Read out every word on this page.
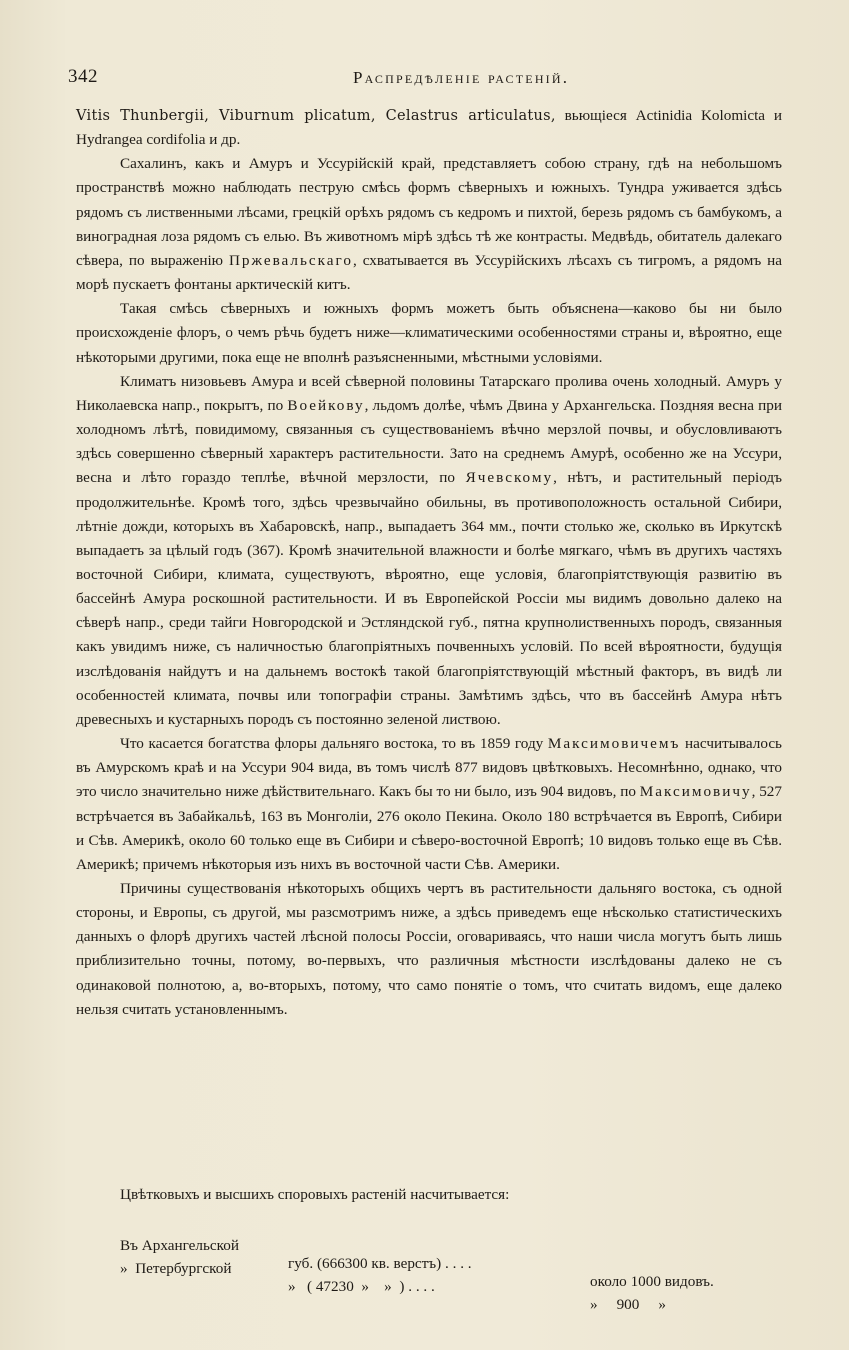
342	Распредѣленіе растеній.

Vitis Thunbergii, Viburnum plicatum, Celastrus articulatus, вьющіеся Actinidia Kolomicta и Hydrangea cordifolia и др.

Сахалинъ, какъ и Амуръ и Уссурійскій край, представляетъ собою страну, гдѣ на небольшомъ пространствѣ можно наблюдать пеструю смѣсь формъ сѣверныхъ и южныхъ. Тундра уживается здѣсь рядомъ съ лиственными лѣсами, грецкій орѣхъ рядомъ съ кедромъ и пихтой, березь рядомъ съ бамбукомъ, а виноградная лоза рядомъ съ елью. Въ животномъ мірѣ здѣсь тѣ же контрасты. Медвѣдь, обитатель далекаго сѣвера, по выраженію Пржевальскаго, схватывается въ Уссурійскихъ лѣсахъ съ тигромъ, а рядомъ на морѣ пускаетъ фонтаны арктическій китъ.

Такая смѣсь сѣверныхъ и южныхъ формъ можетъ быть объяснена—каково бы ни было происхожденіе флоръ, о чемъ рѣчь будетъ ниже—климатическими особенностями страны и, вѣроятно, еще нѣкоторыми другими, пока еще не вполнѣ разъясненными, мѣстными условіями.

Климатъ низовьевъ Амура и всей сѣверной половины Татарскаго пролива очень холодный. Амуръ у Николаевска напр., покрытъ, по Воейкову, льдомъ долѣе, чѣмъ Двина у Архангельска. Поздняя весна при холодномъ лѣтѣ, повидимому, связанныя съ существованіемъ вѣчно мерзлой почвы, и обусловливаютъ здѣсь совершенно сѣверный характеръ растительности. Зато на среднемъ Амурѣ, особенно же на Уссури, весна и лѣто гораздо теплѣе, вѣчной мерзлости, по Ячевскому, нѣтъ, и растительный періодъ продолжительнѣе. Кромѣ того, здѣсь чрезвычайно обильны, въ противоположность остальной Сибири, лѣтніе дожди, которыхъ въ Хабаровскѣ, напр., выпадаетъ 364 мм., почти столько же, сколько въ Иркутскѣ выпадаетъ за цѣлый годъ (367). Кромѣ значительной влажности и болѣе мягкаго, чѣмъ въ другихъ частяхъ восточной Сибири, климата, существуютъ, вѣроятно, еще условія, благопріятствующія развитію въ бассейнѣ Амура роскошной растительности. И въ Европейской Россіи мы видимъ довольно далеко на сѣверѣ напр., среди тайги Новгородской и Эстляндской губ., пятна крупнолиственныхъ породъ, связанныя какъ увидимъ ниже, съ наличностью благопріятныхъ почвенныхъ условій. По всей вѣроятности, будущія изслѣдованія найдутъ и на дальнемъ востокѣ такой благопріятствующій мѣстный факторъ, въ видѣ ли особенностей климата, почвы или топографіи страны. Замѣтимъ здѣсь, что въ бассейнѣ Амура нѣтъ древесныхъ и кустарныхъ породъ съ постоянно зеленой листвою.

Что касается богатства флоры дальняго востока, то въ 1859 году Максимовичемъ насчитывалось въ Амурскомъ краѣ и на Уссури 904 вида, въ томъ числѣ 877 видовъ цвѣтковыхъ. Несомнѣнно, однако, что это число значительно ниже дѣйствительнаго. Какъ бы то ни было, изъ 904 видовъ, по Максимовичу, 527 встрѣчается въ Забайкальѣ, 163 въ Монголіи, 276 около Пекина. Около 180 встрѣчается въ Европѣ, Сибири и Сѣв. Америкѣ, около 60 только еще въ Сибири и сѣверо-восточной Европѣ; 10 видовъ только еще въ Сѣв. Америкѣ; причемъ нѣкоторыя изъ нихъ въ восточной части Сѣв. Америки.

Причины существованія нѣкоторыхъ общихъ чертъ въ растительности дальняго востока, съ одной стороны, и Европы, съ другой, мы разсмотримъ ниже, а здѣсь приведемъ еще нѣсколько статистическихъ данныхъ о флорѣ другихъ частей лѣсной полосы Россіи, оговариваясь, что наши числа могутъ быть лишь приблизительно точны, потому, во-первыхъ, что различныя мѣстности изслѣдованы далеко не съ одинаковой полнотою, а, во-вторыхъ, потому, что само понятіе о томъ, что считать видомъ, еще далеко нельзя считать установленнымъ.

Цвѣтковыхъ и высшихъ споровыхъ растеній насчитывается:

Въ Архангельской

губ. (666300 кв. верстъ) . . . .

около 1000 видовъ.

»  Петербургской

»   ( 47230  »    »  ) . . . .

»     900     »
